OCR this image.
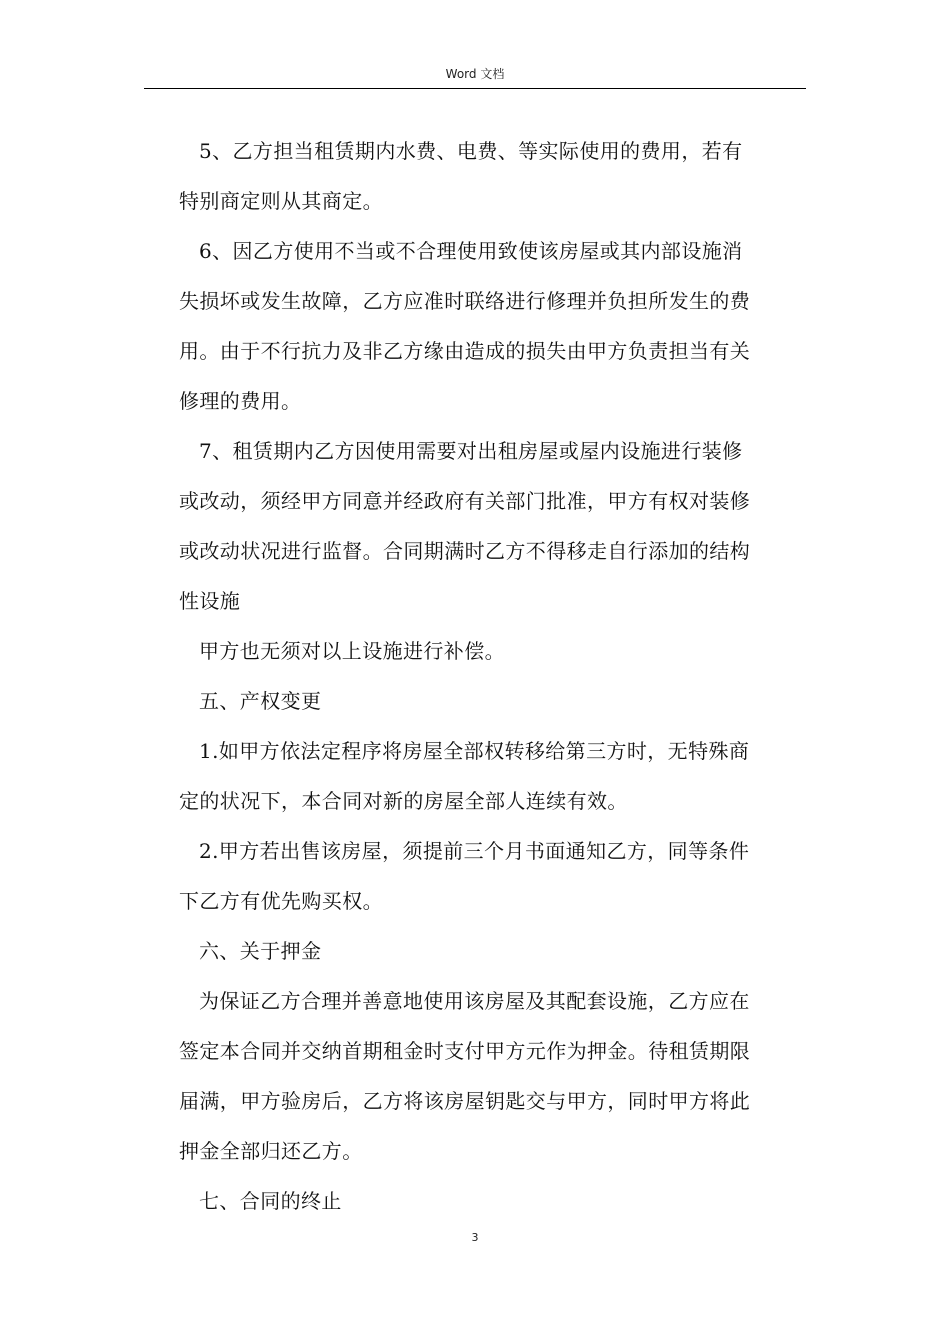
Word 文档

5、乙方担当租赁期内水费、电费、等实际使用的费用，若有
特别商定则从其商定。

6、因乙方使用不当或不合理使用致使该房屋或其内部设施消
失损坏或发生故障，乙方应准时联络进行修理并负担所发生的费
用。由于不行抗力及非乙方缘由造成的损失由甲方负责担当有关
修理的费用。

7、租赁期内乙方因使用需要对出租房屋或屋内设施进行装修
或改动，须经甲方同意并经政府有关部门批准，甲方有权对装修
或改动状况进行监督。合同期满时乙方不得移走自行添加的结构
性设施

甲方也无须对以上设施进行补偿。

五、产权变更

1.如甲方依法定程序将房屋全部权转移给第三方时，无特殊商
定的状况下，本合同对新的房屋全部人连续有效。

2.甲方若出售该房屋，须提前三个月书面通知乙方，同等条件
下乙方有优先购买权。

六、关于押金

为保证乙方合理并善意地使用该房屋及其配套设施，乙方应在
签定本合同并交纳首期租金时支付甲方元作为押金。待租赁期限
届满，甲方验房后，乙方将该房屋钥匙交与甲方，同时甲方将此
押金全部归还乙方。

七、合同的终止

3
